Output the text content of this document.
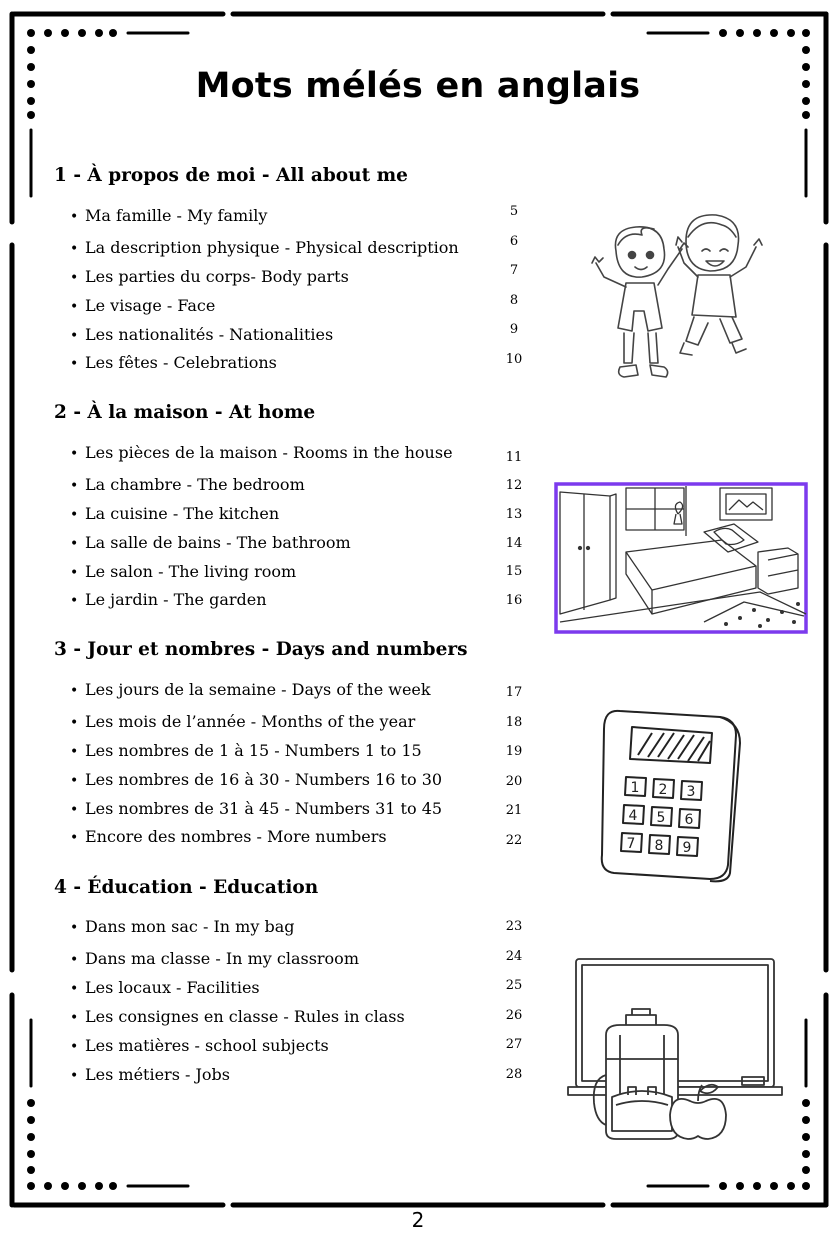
Mots mélés en anglais
1 - À propos de moi - All about me
• Ma famille - My family	5
• La description physique - Physical description	6
• Les parties du corps- Body parts	7
• Le visage - Face	8
• Les nationalités - Nationalities	9
• Les fêtes - Celebrations	10
2 - À la maison - At home
• Les pièces de la maison - Rooms in the house	11
• La chambre - The bedroom	12
• La cuisine - The kitchen	13
• La salle de bains - The bathroom	14
• Le salon - The living room	15
• Le jardin - The garden	16
3 - Jour et nombres - Days and numbers
• Les jours de la semaine - Days of the week	17
• Les mois de l’année - Months of the year	18
• Les nombres de 1 à 15 - Numbers 1 to 15	19
• Les nombres de 16 à 30 - Numbers 16 to 30	20
• Les nombres de 31 à 45 - Numbers 31 to 45	21
• Encore des nombres - More numbers	22
4 - Éducation - Education
• Dans mon sac - In my bag	23
• Dans ma classe - In my classroom	24
• Les locaux - Facilities	25
• Les consignes en classe - Rules in class	26
• Les matières - school subjects	27
• Les métiers - Jobs	28
1 2 3
4 5 6
7 8 9
2
